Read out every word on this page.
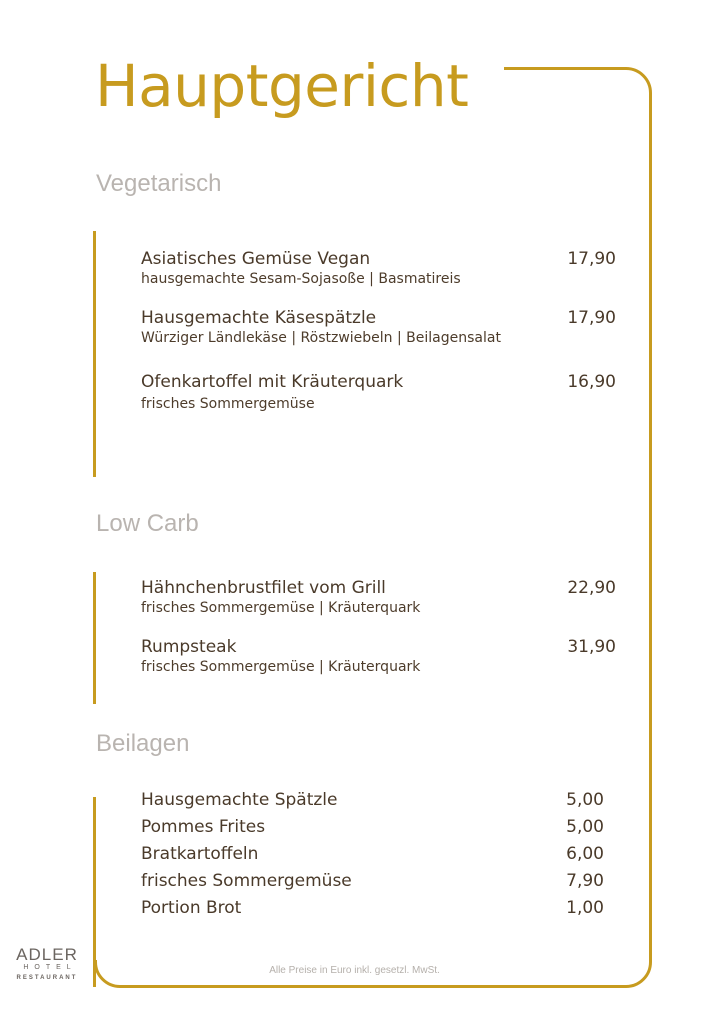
Hauptgericht
Vegetarisch
Asiatisches Gemüse Vegan	17,90
hausgemachte Sesam-Sojasoße | Basmatireis
Hausgemachte Käsespätzle	17,90
Würziger Ländlekäse | Röstzwiebeln | Beilagensalat
Ofenkartoffel mit Kräuterquark	16,90
frisches Sommergemüse
Low Carb
Hähnchenbrustfilet vom Grill	22,90
frisches Sommergemüse | Kräuterquark
Rumpsteak	31,90
frisches Sommergemüse | Kräuterquark
Beilagen
Hausgemachte Spätzle	5,00
Pommes Frites	5,00
Bratkartoffeln	6,00
frisches Sommergemüse	7,90
Portion Brot	1,00
Alle Preise in Euro inkl. gesetzl. MwSt.
ADLER
HOTEL
RESTAURANT
